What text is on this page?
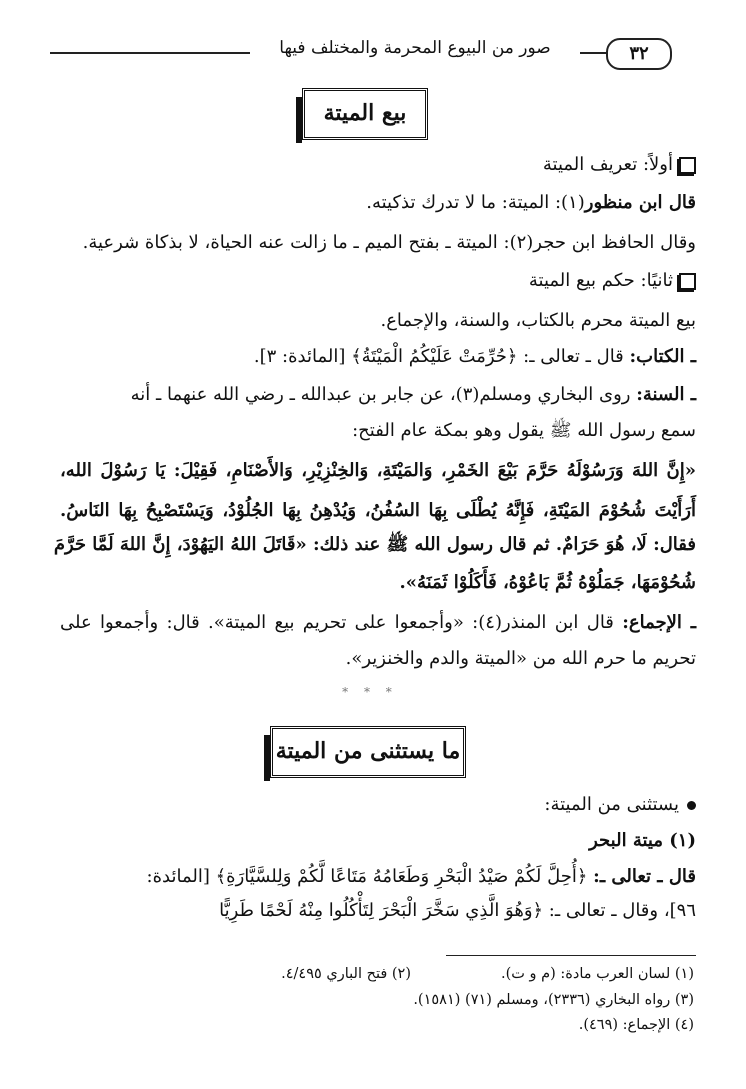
صور من البيوع المحرمة والمختلف فيها	٣٢
بيع الميتة
أولاً: تعريف الميتة
قال ابن منظور(١): الميتة: ما لا تدرك تذكيته.
وقال الحافظ ابن حجر(٢): الميتة ـ بفتح الميم ـ ما زالت عنه الحياة، لا بذكاة شرعية.
ثانيًا: حكم بيع الميتة
بيع الميتة محرم بالكتاب، والسنة، والإجماع.
ـ الكتاب: قال ـ تعالى ـ: ﴿حُرِّمَتْ عَلَيْكُمُ الْمَيْتَةُ﴾ [المائدة: ٣].
ـ السنة: روى البخاري ومسلم(٣)، عن جابر بن عبدالله ـ رضي الله عنهما ـ أنه
سمع رسول الله ﷺ يقول وهو بمكة عام الفتح:
«إِنَّ اللهَ وَرَسُوْلَهُ حَرَّمَ بَيْعَ الخَمْرِ، وَالمَيْتَةِ، وَالخِنْزِيْرِ، وَالأَصْنَامِ، فَقِيْلَ: يَا رَسُوْلَ الله،
أَرَأَيْتَ شُحُوْمَ المَيْتَةِ، فَإِنَّهُ يُطْلَى بِهَا السُفُنُ، وَيُدْهِنُ بِهَا الجُلُوْدُ، وَيَسْتَصْبِحُ بِهَا النَاسُ.
فقال: لَا، هُوَ حَرَامٌ. ثم قال رسول الله ﷺ عند ذلك: «قَاتَلَ اللهُ اليَهُوْدَ، إِنَّ اللهَ لَمَّا حَرَّمَ
شُحُوْمَهَا، جَمَلُوْهُ ثُمَّ بَاعُوْهُ، فَأَكَلُوْا ثَمَنَهُ».
ـ الإجماع: قال ابن المنذر(٤): «وأجمعوا على تحريم بيع الميتة». قال: وأجمعوا على
تحريم ما حرم الله من «الميتة والدم والخنزير».
* * *
ما يستثنى من الميتة
يستثنى من الميتة:
(١) ميتة البحر
قال ـ تعالى ـ: ﴿أُحِلَّ لَكُمْ صَيْدُ الْبَحْرِ وَطَعَامُهُ مَتَاعًا لَّكُمْ وَلِلسَّيَّارَةِ﴾ [المائدة:
٩٦]، وقال ـ تعالى ـ: ﴿وَهُوَ الَّذِي سَخَّرَ الْبَحْرَ لِتَأْكُلُوا مِنْهُ لَحْمًا طَرِيًّا
(١) لسان العرب مادة: (م و ت).(٢) فتح الباري ٤/٤٩٥.
(٣) رواه البخاري (٢٣٣٦)، ومسلم (٧١) (١٥٨١).
(٤) الإجماع: (٤٦٩).
